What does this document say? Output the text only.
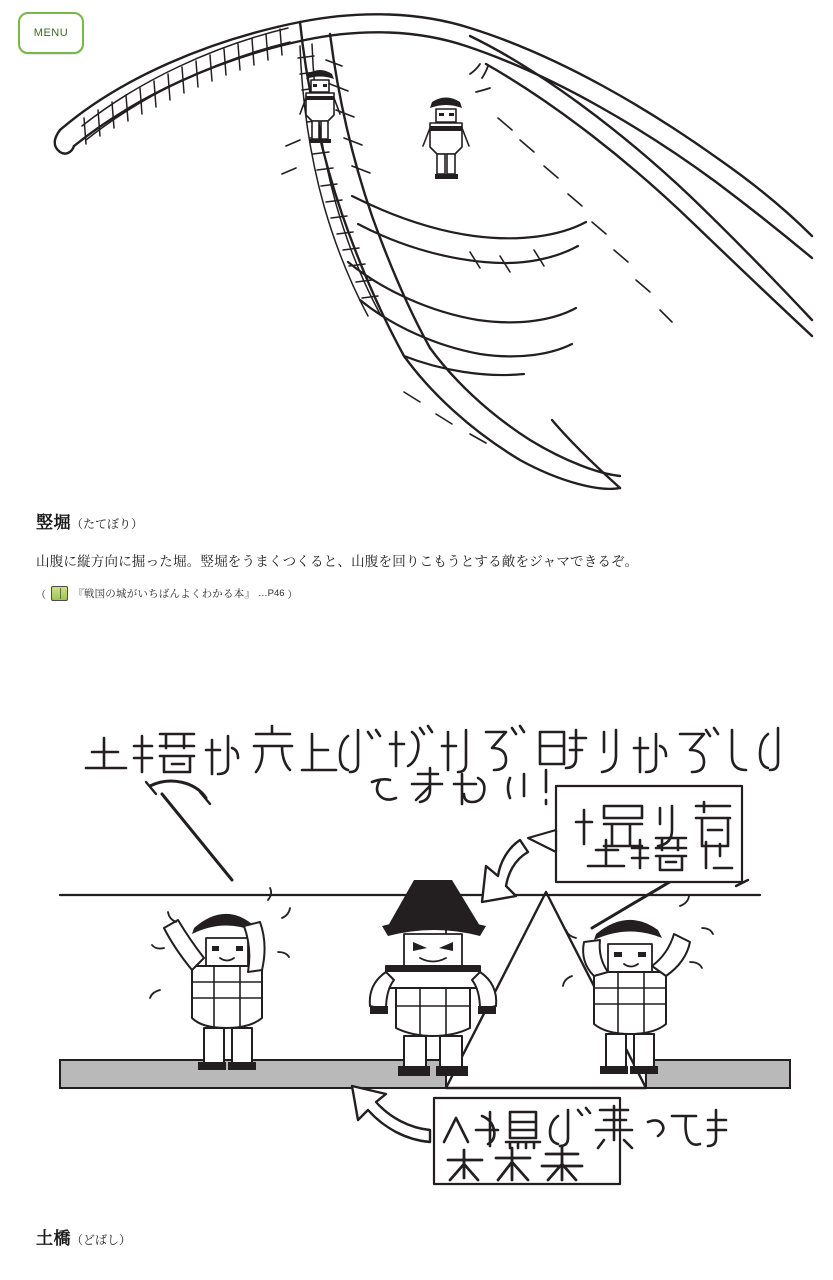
MENU
竪堀（たてぼり）

山腹に縦方向に掘った堀。竪堀をうまくつくると、山腹を回りこもうとする敵をジャマできるぞ。

（	『戦国の城がいちばんよくわかる本』 …P46 ）
土橋（どばし）
